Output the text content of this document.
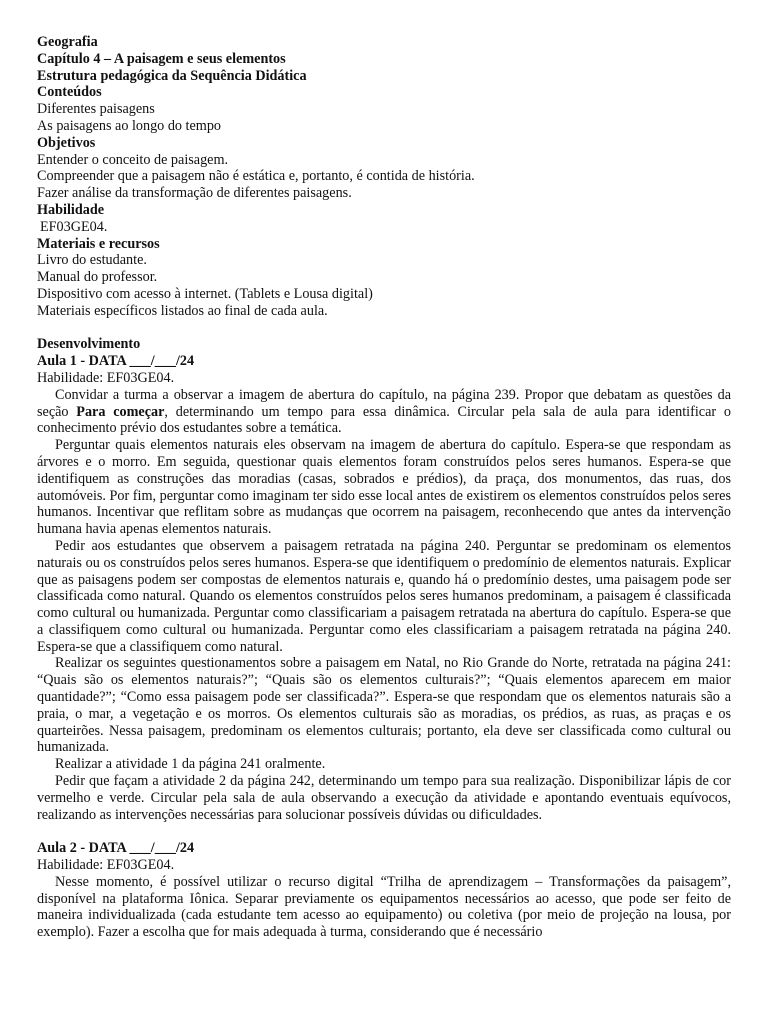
Geografia

Capítulo 4 – A paisagem e seus elementos

Estrutura pedagógica da Sequência Didática

Conteúdos

Diferentes paisagens

As paisagens ao longo do tempo

Objetivos

Entender o conceito de paisagem.

Compreender que a paisagem não é estática e, portanto, é contida de história.

Fazer análise da transformação de diferentes paisagens.

Habilidade

EF03GE04.

Materiais e recursos

Livro do estudante.

Manual do professor.

Dispositivo com acesso à internet. (Tablets e Lousa digital)

Materiais específicos listados ao final de cada aula.

Desenvolvimento

Aula 1 - DATA ___/___/24

Habilidade: EF03GE04.

Convidar a turma a observar a imagem de abertura do capítulo, na página 239. Propor que debatam as questões da seção Para começar, determinando um tempo para essa dinâmica. Circular pela sala de aula para identificar o conhecimento prévio dos estudantes sobre a temática.

Perguntar quais elementos naturais eles observam na imagem de abertura do capítulo. Espera-se que respondam as árvores e o morro. Em seguida, questionar quais elementos foram construídos pelos seres humanos. Espera-se que identifiquem as construções das moradias (casas, sobrados e prédios), da praça, dos monumentos, das ruas, dos automóveis. Por fim, perguntar como imaginam ter sido esse local antes de existirem os elementos construídos pelos seres humanos. Incentivar que reflitam sobre as mudanças que ocorrem na paisagem, reconhecendo que antes da intervenção humana havia apenas elementos naturais.

Pedir aos estudantes que observem a paisagem retratada na página 240. Perguntar se predominam os elementos naturais ou os construídos pelos seres humanos. Espera-se que identifiquem o predomínio de elementos naturais. Explicar que as paisagens podem ser compostas de elementos naturais e, quando há o predomínio destes, uma paisagem pode ser classificada como natural. Quando os elementos construídos pelos seres humanos predominam, a paisagem é classificada como cultural ou humanizada. Perguntar como classificariam a paisagem retratada na abertura do capítulo. Espera-se que a classifiquem como cultural ou humanizada. Perguntar como eles classificariam a paisagem retratada na página 240. Espera-se que a classifiquem como natural.

Realizar os seguintes questionamentos sobre a paisagem em Natal, no Rio Grande do Norte, retratada na página 241: “Quais são os elementos naturais?”; “Quais são os elementos culturais?”; “Quais elementos aparecem em maior quantidade?”; “Como essa paisagem pode ser classificada?”. Espera-se que respondam que os elementos naturais são a praia, o mar, a vegetação e os morros. Os elementos culturais são as moradias, os prédios, as ruas, as praças e os quarteirões. Nessa paisagem, predominam os elementos culturais; portanto, ela deve ser classificada como cultural ou humanizada.

Realizar a atividade 1 da página 241 oralmente.

Pedir que façam a atividade 2 da página 242, determinando um tempo para sua realização. Disponibilizar lápis de cor vermelho e verde. Circular pela sala de aula observando a execução da atividade e apontando eventuais equívocos, realizando as intervenções necessárias para solucionar possíveis dúvidas ou dificuldades.

Aula 2 - DATA ___/___/24

Habilidade: EF03GE04.

Nesse momento, é possível utilizar o recurso digital “Trilha de aprendizagem – Transformações da paisagem”, disponível na plataforma Iônica. Separar previamente os equipamentos necessários ao acesso, que pode ser feito de maneira individualizada (cada estudante tem acesso ao equipamento) ou coletiva (por meio de projeção na lousa, por exemplo). Fazer a escolha que for mais adequada à turma, considerando que é necessário
